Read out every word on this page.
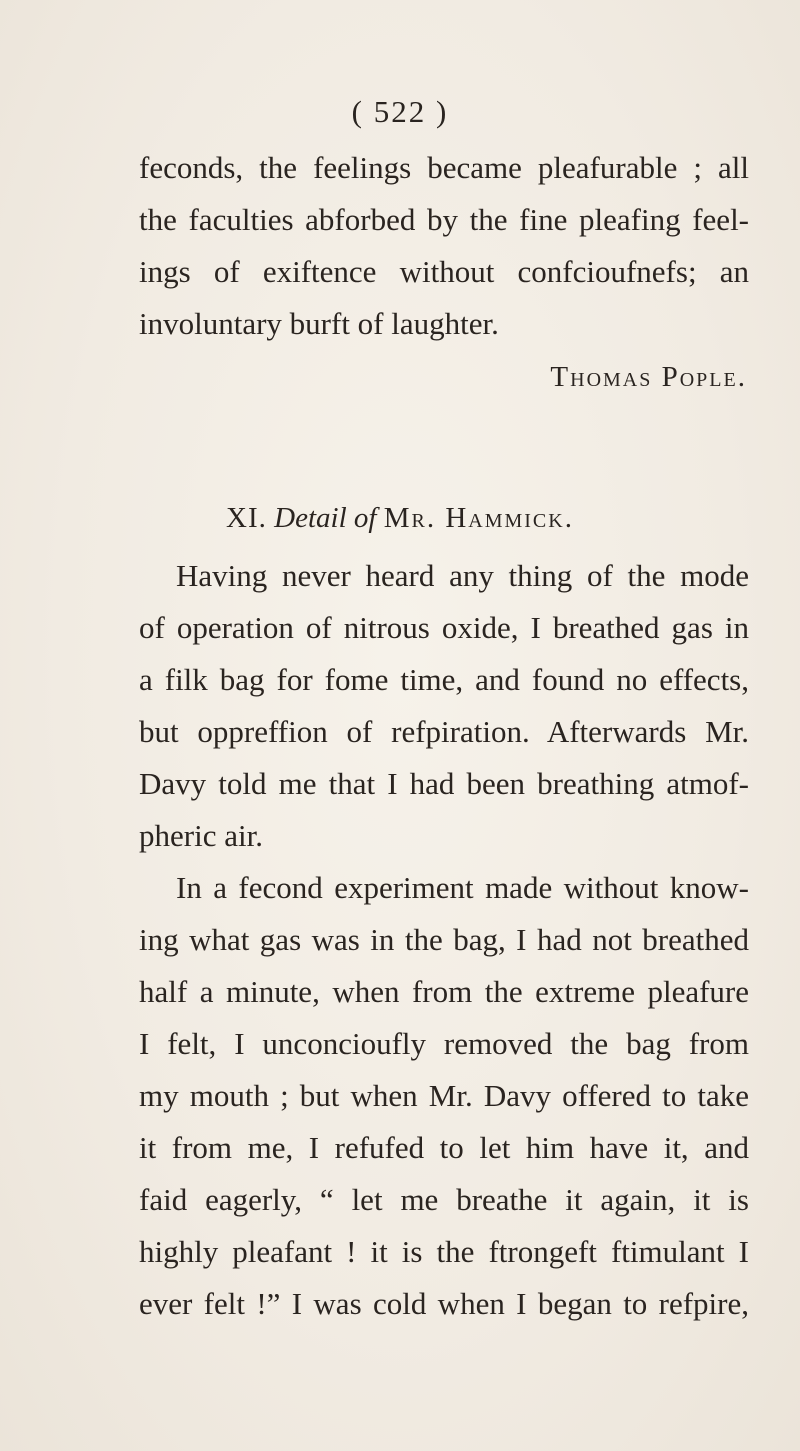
( 522 )
feconds, the feelings became pleafurable ; all
the faculties abforbed by the fine pleafing feel-
ings of exiftence without confcioufnefs; an
involuntary burft of laughter.
Thomas Pople.
XI. Detail of Mr. Hammick.
Having never heard any thing of the mode
of operation of nitrous oxide, I breathed gas in
a filk bag for fome time, and found no effects,
but oppreffion of refpiration. Afterwards Mr.
Davy told me that I had been breathing atmof-
pheric air.
In a fecond experiment made without know-
ing what gas was in the bag, I had not breathed
half a minute, when from the extreme pleafure
I felt, I unconcioufly removed the bag from
my mouth ; but when Mr. Davy offered to take
it from me, I refufed to let him have it, and
faid eagerly, “ let me breathe it again, it is
highly pleafant ! it is the ftrongeft ftimulant I
ever felt !” I was cold when I began to refpire,
